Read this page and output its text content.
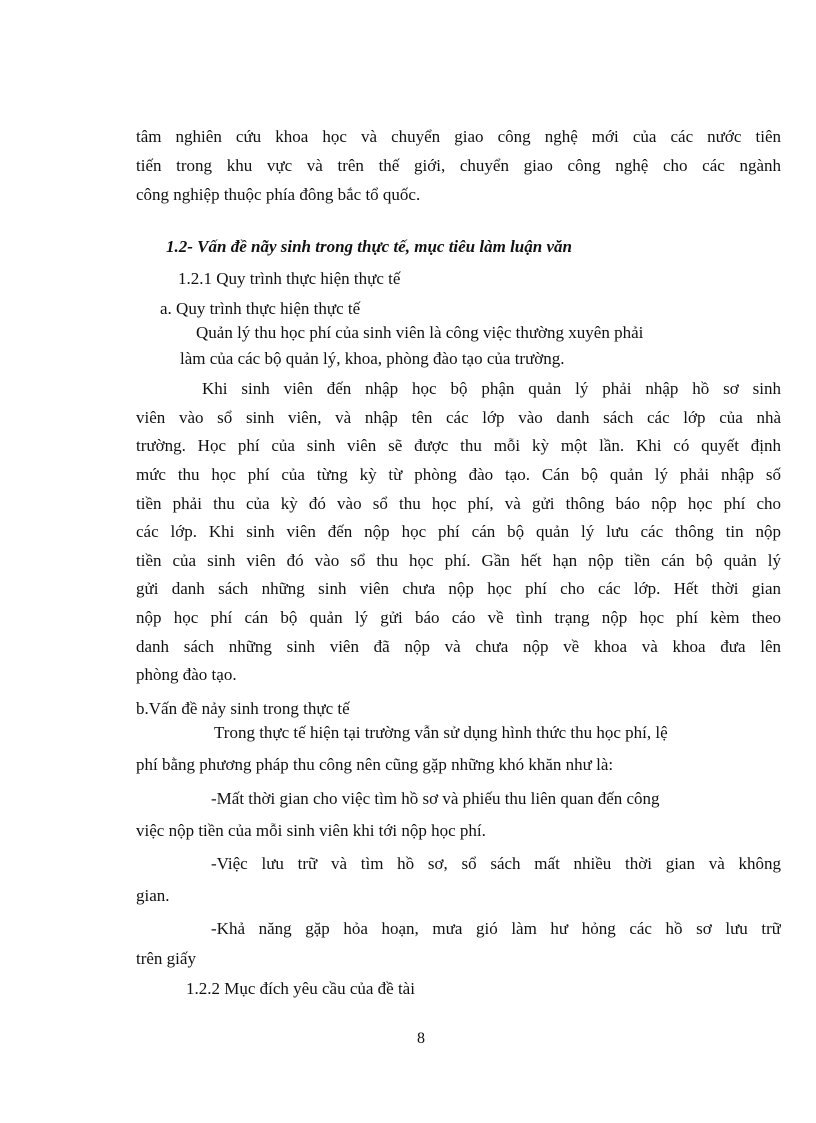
tâm nghiên cứu khoa học và chuyển giao công nghệ mới của các nước tiên

tiến trong khu vực và trên thế giới, chuyển giao công nghệ cho các ngành

công nghiệp thuộc phía đông bắc tổ quốc.

1.2- Vấn đề nãy sinh trong thực tế, mục tiêu làm luận văn

1.2.1 Quy trình thực hiện thực tế

a. Quy trình thực hiện thực tế

Quản lý thu học phí của sinh viên là công việc thường xuyên phải

làm của các bộ quản lý, khoa, phòng đào tạo của trường.

Khi sinh viên đến nhập học bộ phận quản lý phải nhập hồ sơ sinh

viên vào sổ sinh viên, và nhập tên các lớp vào danh sách các lớp của nhà

trường. Học phí của sinh viên sẽ được thu mỗi kỳ một lần. Khi có quyết định

mức thu học phí của từng kỳ từ phòng đào tạo. Cán bộ quản lý phải nhập số

tiền phải thu của kỳ đó vào sổ thu học phí, và gửi thông báo nộp học phí cho

các lớp. Khi sinh viên đến nộp học phí cán bộ quản lý lưu các thông tin nộp

tiền của sinh viên đó vào sổ thu học phí. Gần hết hạn nộp tiền cán bộ quản lý

gửi danh sách những sinh viên chưa nộp học phí cho các lớp. Hết thời gian

nộp học phí cán bộ quản lý gửi báo cáo về tình trạng nộp học phí kèm theo

danh sách những sinh viên đã nộp và chưa nộp về khoa và khoa đưa lên

phòng đào tạo.

b.Vấn đề nảy sinh trong thực tế

Trong thực tế hiện tại trường vẫn sử dụng hình thức thu học phí, lệ

phí bằng phương pháp thu công nên cũng gặp những khó khăn như là:

-Mất thời gian cho việc tìm hồ sơ và phiếu thu liên quan đến công

việc nộp tiền của mỗi sinh viên khi tới nộp học phí.

-Việc lưu trữ và tìm hồ sơ, sổ sách mất nhiều thời gian và không

gian.

-Khả năng gặp hỏa hoạn, mưa gió làm hư hỏng các hồ sơ lưu trữ

trên giấy

1.2.2 Mục đích yêu cầu của đề tài

8
